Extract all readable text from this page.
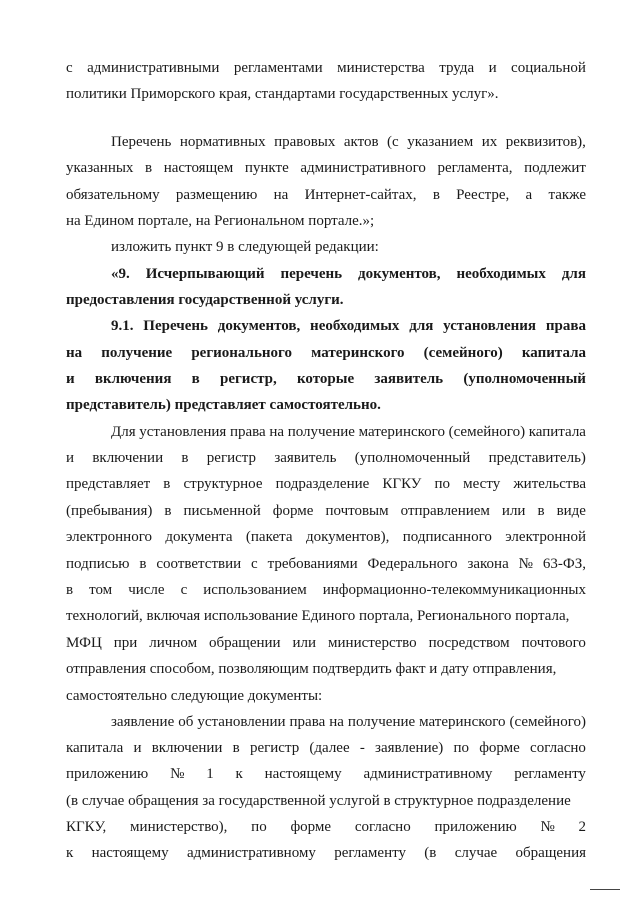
с административными регламентами министерства труда и социальной
политики Приморского края, стандартами государственных услуг».
Перечень нормативных правовых актов (с указанием их реквизитов),
указанных в настоящем пункте административного регламента, подлежит
обязательному размещению на Интернет-сайтах, в Реестре, а также
на Едином портале, на Региональном портале.»;
изложить пункт 9 в следующей редакции:
«9. Исчерпывающий перечень документов, необходимых для
предоставления государственной услуги.
9.1. Перечень документов, необходимых для установления права
на получение регионального материнского (семейного) капитала
и включения в регистр, которые заявитель (уполномоченный
представитель) представляет самостоятельно.
Для установления права на получение материнского (семейного) капитала
и включении в регистр заявитель (уполномоченный представитель)
представляет в структурное подразделение КГКУ по месту жительства
(пребывания) в письменной форме почтовым отправлением или в виде
электронного документа (пакета документов), подписанного электронной
подписью в соответствии с требованиями Федерального закона № 63-ФЗ,
в том числе с использованием информационно-телекоммуникационных
технологий, включая использование Единого портала, Регионального портала,
МФЦ при личном обращении или министерство посредством почтового
отправления способом, позволяющим подтвердить факт и дату отправления,
самостоятельно следующие документы:
заявление об установлении права на получение материнского (семейного)
капитала и включении в регистр (далее - заявление) по форме согласно
приложению № 1 к настоящему административному регламенту
(в случае обращения за государственной услугой в структурное подразделение
КГКУ, министерство), по форме согласно приложению № 2
к настоящему административному регламенту (в случае обращения
